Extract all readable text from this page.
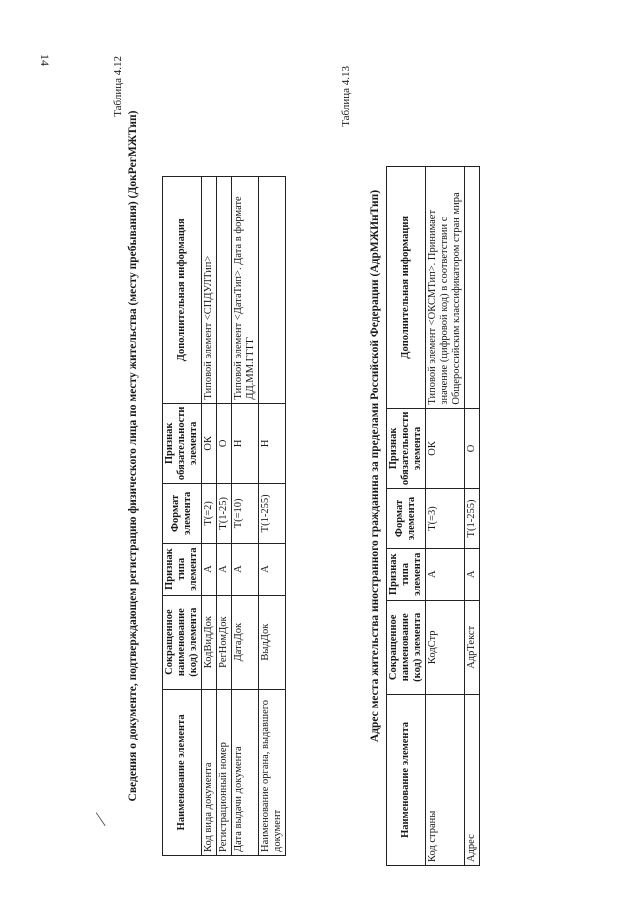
14	Таблица 4.12
Сведения о документе, подтверждающем регистрацию физического лица по месту жительства (месту пребывания) (ДокРегМЖТип)	Наименование элемента	Сокращенное наименование (код) элемента	Признак типа элемента	Формат элемента	Признак обязательности элемента	Дополнительная информация
Код вида документа	КодВидДок	А	Т(=2)	ОК	Типовой элемент <СПДУЛТип>
Регистрационный номер	РегНомДок	А	Т(1-25)	О	
Дата выдачи документа	ДатаДок	А	Т(=10)	Н	Типовой элемент <ДатаТип>. Дата в формате ДД.ММ.ГГГГ
Наименование органа, выдавшего документ	ВыдДок	А	Т(1-255)	Н	
Таблица 4.13
Адрес места жительства иностранного гражданина за пределами Российской Федерации (АдрМЖИнТип)
Наименование элемента	Сокращенное наименование (код) элемента	Признак типа элемента	Формат элемента	Признак обязательности элемента	Дополнительная информация
Код страны	КодСтр	А	Т(=3)	ОК	Типовой элемент <ОКСМТип>. Принимает значение (цифровой код) в соответствии с Общероссийским классификатором стран мира
Адрес	АдрТекст	А	Т(1-255)	О	
∕
